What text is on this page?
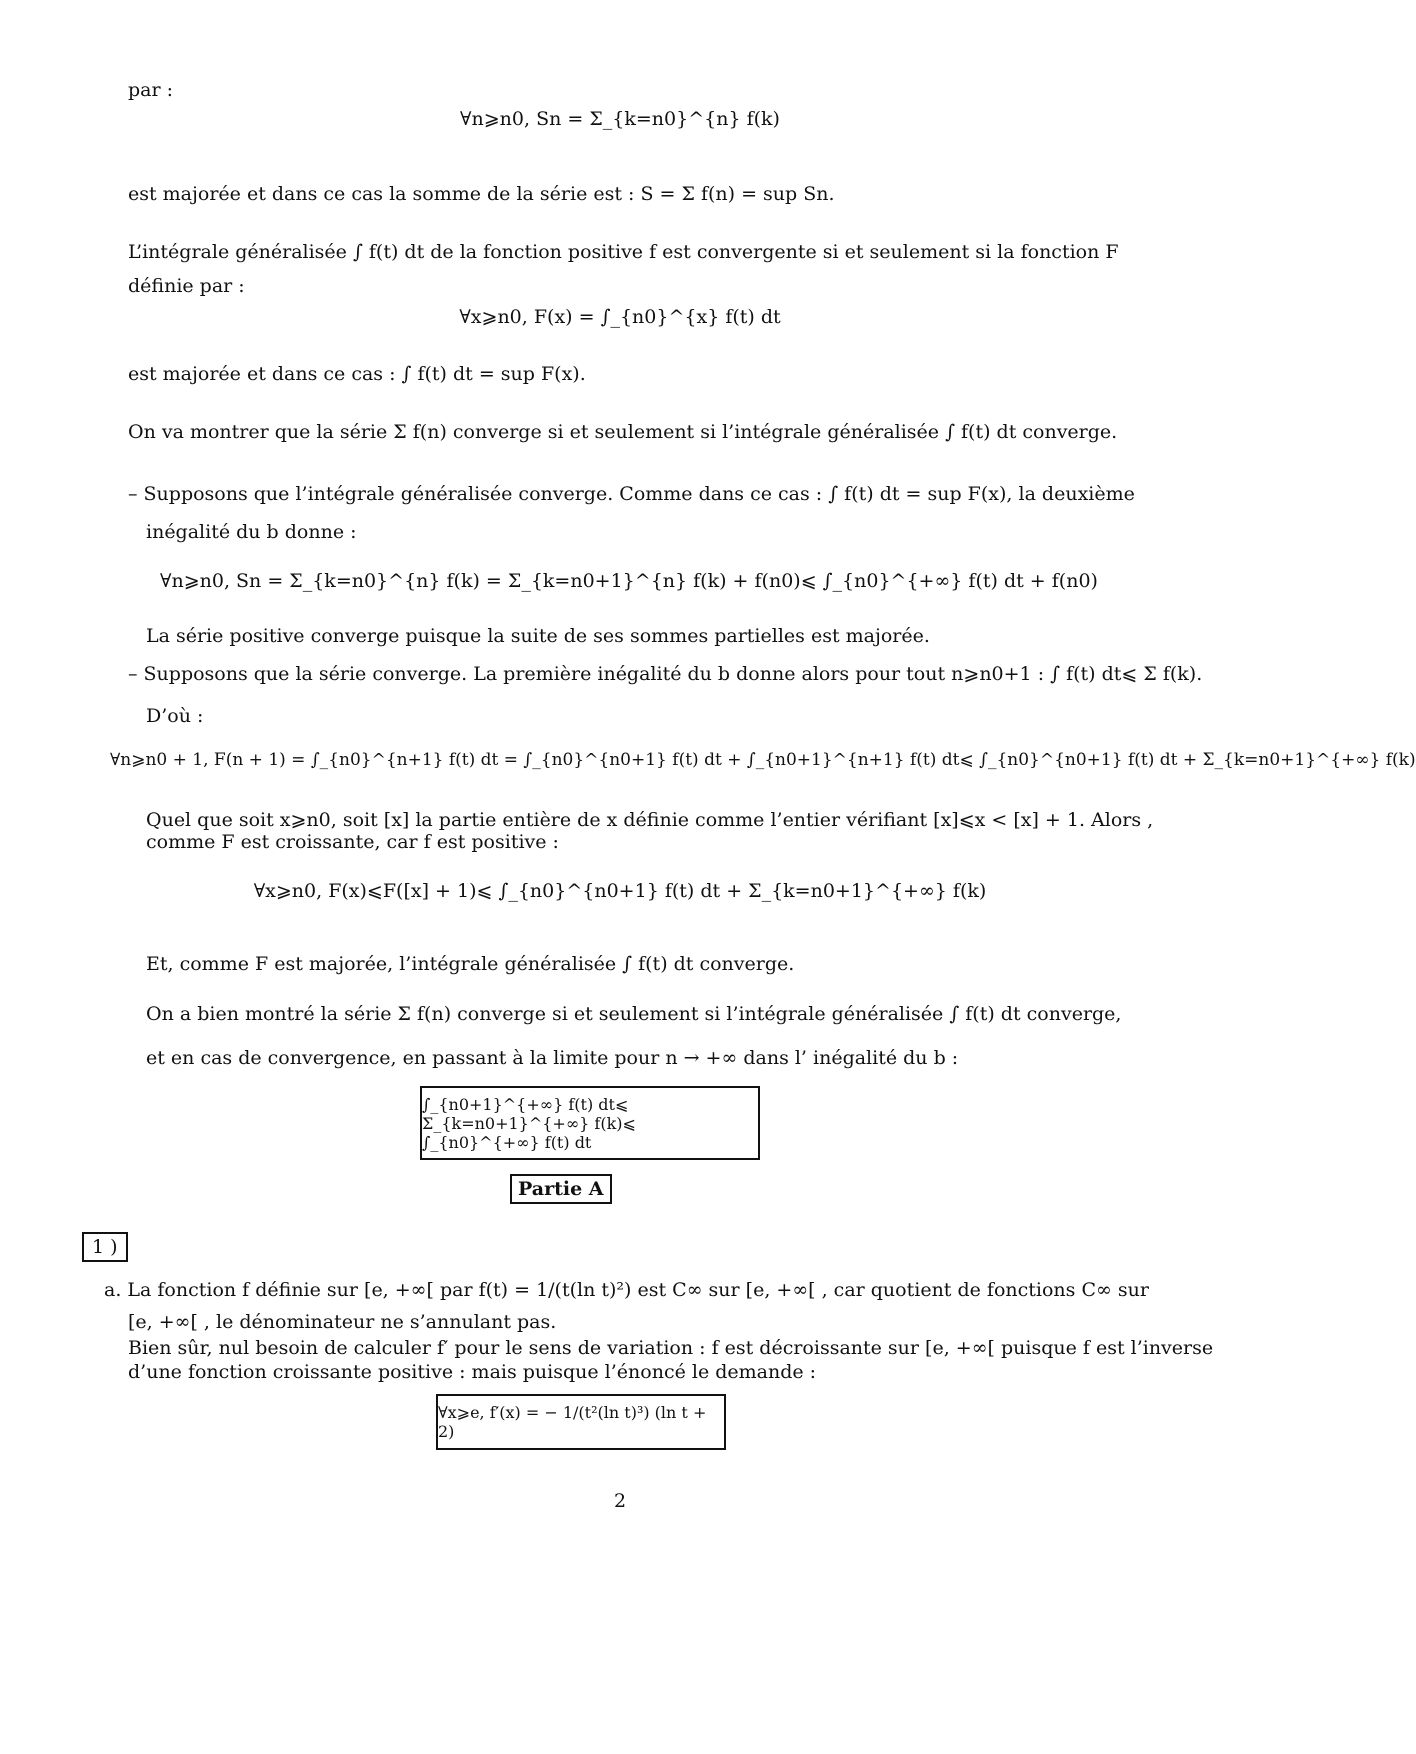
par :
∀n⩾n0, Sn = Σ_{k=n0}^{n} f(k)
est majorée et dans ce cas la somme de la série est : S = Σ f(n) = sup Sn.
L’intégrale généralisée ∫ f(t) dt de la fonction positive f est convergente si et seulement si la fonction F
définie par :
∀x⩾n0, F(x) = ∫_{n0}^{x} f(t) dt
est majorée et dans ce cas : ∫ f(t) dt = sup F(x).
On va montrer que la série Σ f(n) converge si et seulement si l’intégrale généralisée ∫ f(t) dt converge.
– Supposons que l’intégrale généralisée converge. Comme dans ce cas : ∫ f(t) dt = sup F(x), la deuxième
inégalité du b donne :
∀n⩾n0, Sn = Σ_{k=n0}^{n} f(k) = Σ_{k=n0+1}^{n} f(k) + f(n0)⩽ ∫_{n0}^{+∞} f(t) dt + f(n0)
La série positive converge puisque la suite de ses sommes partielles est majorée.
– Supposons que la série converge. La première inégalité du b donne alors pour tout n⩾n0+1 : ∫ f(t) dt⩽ Σ f(k).
D’où :
∀n⩾n0 + 1, F(n + 1) = ∫_{n0}^{n+1} f(t) dt = ∫_{n0}^{n0+1} f(t) dt + ∫_{n0+1}^{n+1} f(t) dt⩽ ∫_{n0}^{n0+1} f(t) dt + Σ_{k=n0+1}^{+∞} f(k)
Quel que soit x⩾n0, soit [x] la partie entière de x définie comme l’entier vérifiant [x]⩽x < [x] + 1. Alors ,
comme F est croissante, car f est positive :
∀x⩾n0, F(x)⩽F([x] + 1)⩽ ∫_{n0}^{n0+1} f(t) dt + Σ_{k=n0+1}^{+∞} f(k)
Et, comme F est majorée, l’intégrale généralisée ∫ f(t) dt converge.
On a bien montré la série Σ f(n) converge si et seulement si l’intégrale généralisée ∫ f(t) dt converge,
et en cas de convergence, en passant à la limite pour n → +∞ dans l’ inégalité du b :
∫_{n0+1}^{+∞} f(t) dt⩽ Σ_{k=n0+1}^{+∞} f(k)⩽ ∫_{n0}^{+∞} f(t) dt
Partie A
1 )
a. La fonction f définie sur [e, +∞[ par f(t) = 1/(t(ln t)²) est C∞ sur [e, +∞[ , car quotient de fonctions C∞ sur
[e, +∞[ , le dénominateur ne s’annulant pas.
Bien sûr, nul besoin de calculer f′ pour le sens de variation : f est décroissante sur [e, +∞[ puisque f est l’inverse
d’une fonction croissante positive : mais puisque l’énoncé le demande :
∀x⩾e, f′(x) = − 1/(t²(ln t)³) (ln t + 2)
2
